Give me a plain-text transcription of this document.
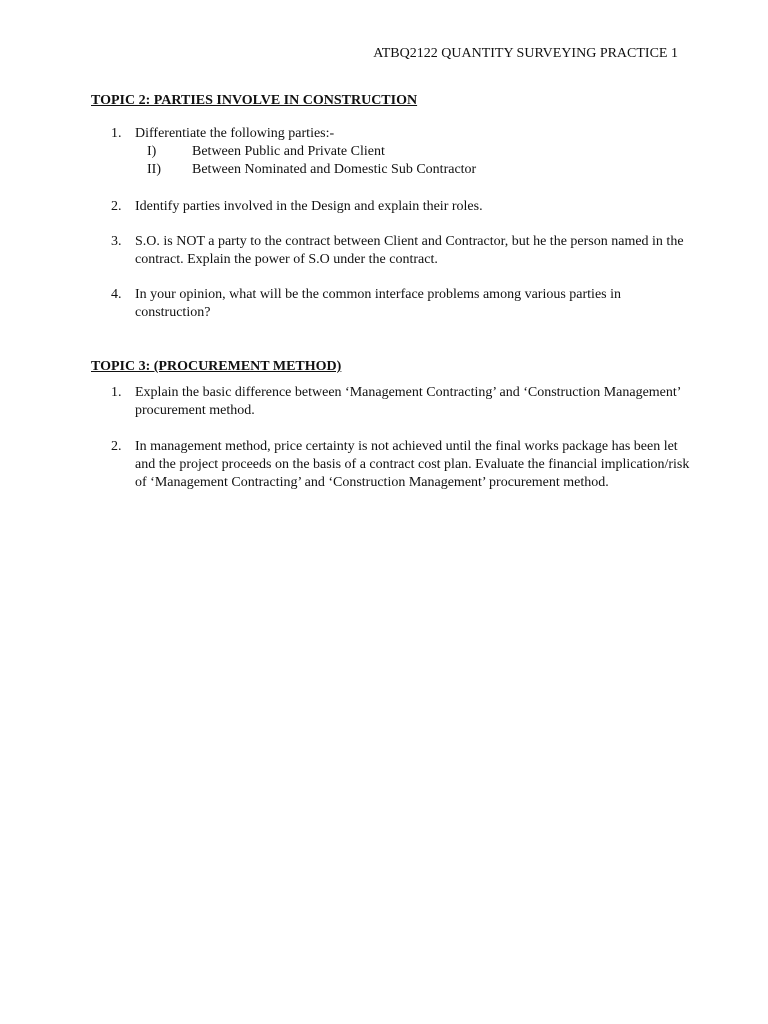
ATBQ2122 QUANTITY SURVEYING PRACTICE 1

TOPIC 2: PARTIES INVOLVE IN CONSTRUCTION

1. Differentiate the following parties:-
I)	Between Public and Private Client
II) Between Nominated and Domestic Sub Contractor
2. Identify parties involved in the Design and explain their roles.
3. S.O. is NOT a party to the contract between Client and Contractor, but he the person named in the contract. Explain the power of S.O under the contract.
4. In your opinion, what will be the common interface problems among various parties in construction?

TOPIC 3: (PROCUREMENT METHOD)

1. Explain the basic difference between ‘Management Contracting’ and ‘Construction Management’ procurement method.
2. In management method, price certainty is not achieved until the final works package has been let and the project proceeds on the basis of a contract cost plan. Evaluate the financial implication/risk of ‘Management Contracting’ and ‘Construction Management’ procurement method.
